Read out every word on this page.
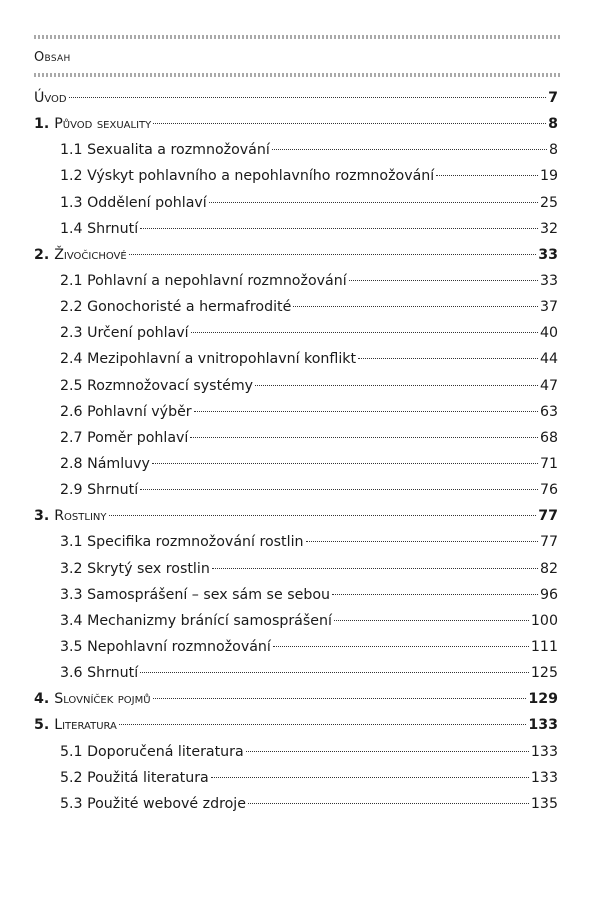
Obsah
Úvod	7
1. Původ sexuality	8
1.1 Sexualita a rozmnožování	8
1.2 Výskyt pohlavního a nepohlavního rozmnožování	19
1.3 Oddělení pohlaví	25
1.4 Shrnutí	32
2. Živočichové	33
2.1 Pohlavní a nepohlavní rozmnožování	33
2.2 Gonochoristé a hermafrodité	37
2.3 Určení pohlaví	40
2.4 Mezipohlavní a vnitropohlavní konflikt	44
2.5 Rozmnožovací systémy	47
2.6 Pohlavní výběr	63
2.7 Poměr pohlaví	68
2.8 Námluvy	71
2.9 Shrnutí	76
3. Rostliny	77
3.1 Specifika rozmnožování rostlin	77
3.2 Skrytý sex rostlin	82
3.3 Samosprášení – sex sám se sebou	96
3.4 Mechanizmy bránící samosprášení	100
3.5 Nepohlavní rozmnožování	111
3.6 Shrnutí	125
4. Slovníček pojmů	129
5. Literatura	133
5.1 Doporučená literatura	133
5.2 Použitá literatura	133
5.3 Použité webové zdroje	135
